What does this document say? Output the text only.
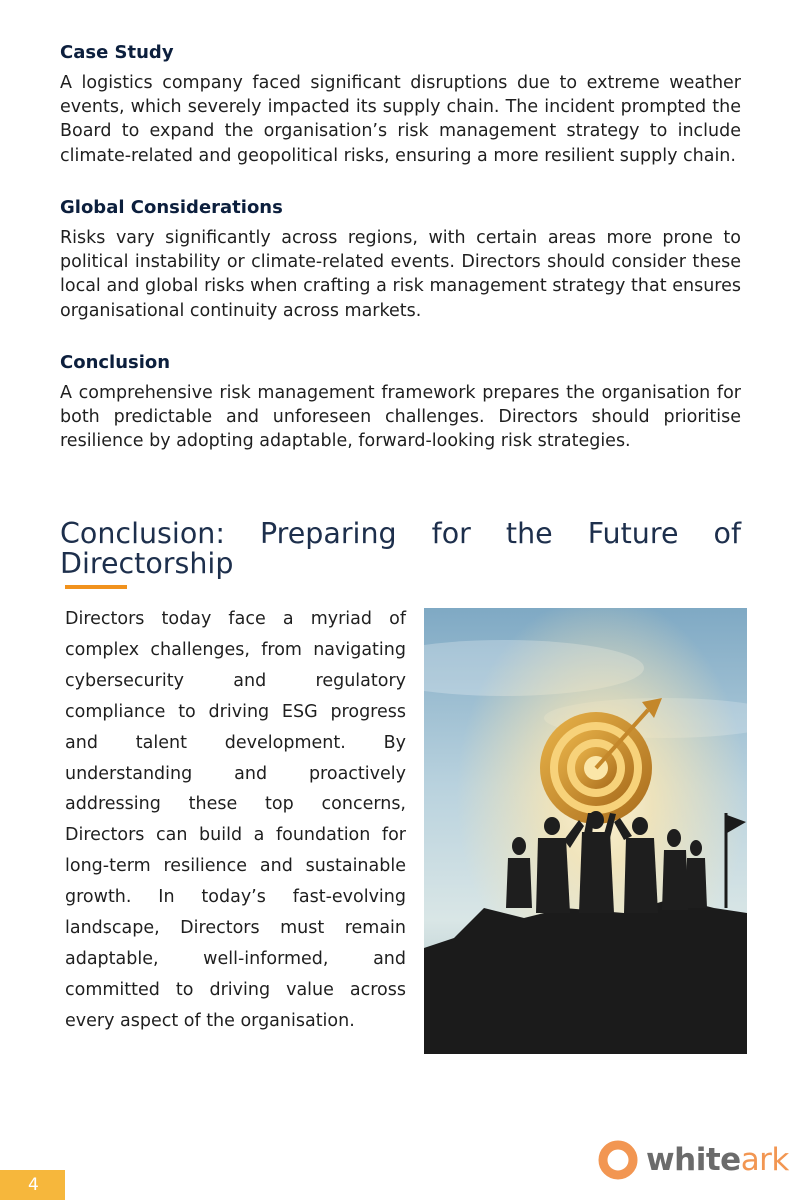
Case Study

A logistics company faced significant disruptions due to extreme weather events, which severely impacted its supply chain. The incident prompted the Board to expand the organisation’s risk management strategy to include climate-related and geopolitical risks, ensuring a more resilient supply chain.

Global Considerations

Risks vary significantly across regions, with certain areas more prone to political instability or climate-related events. Directors should consider these local and global risks when crafting a risk management strategy that ensures organisational continuity across markets.

Conclusion

A comprehensive risk management framework prepares the organisation for both predictable and unforeseen challenges. Directors should prioritise resilience by adopting adaptable, forward-looking risk strategies.

Conclusion: Preparing for the Future of Directorship

Directors today face a myriad of complex challenges, from navigating cybersecurity and regulatory compliance to driving ESG progress and talent development. By understanding and proactively addressing these top concerns, Directors can build a foundation for long-term resilience and sustainable growth. In today’s fast-evolving landscape, Directors must remain adaptable, well-informed, and committed to driving value across every aspect of the organisation.

4
whiteark
